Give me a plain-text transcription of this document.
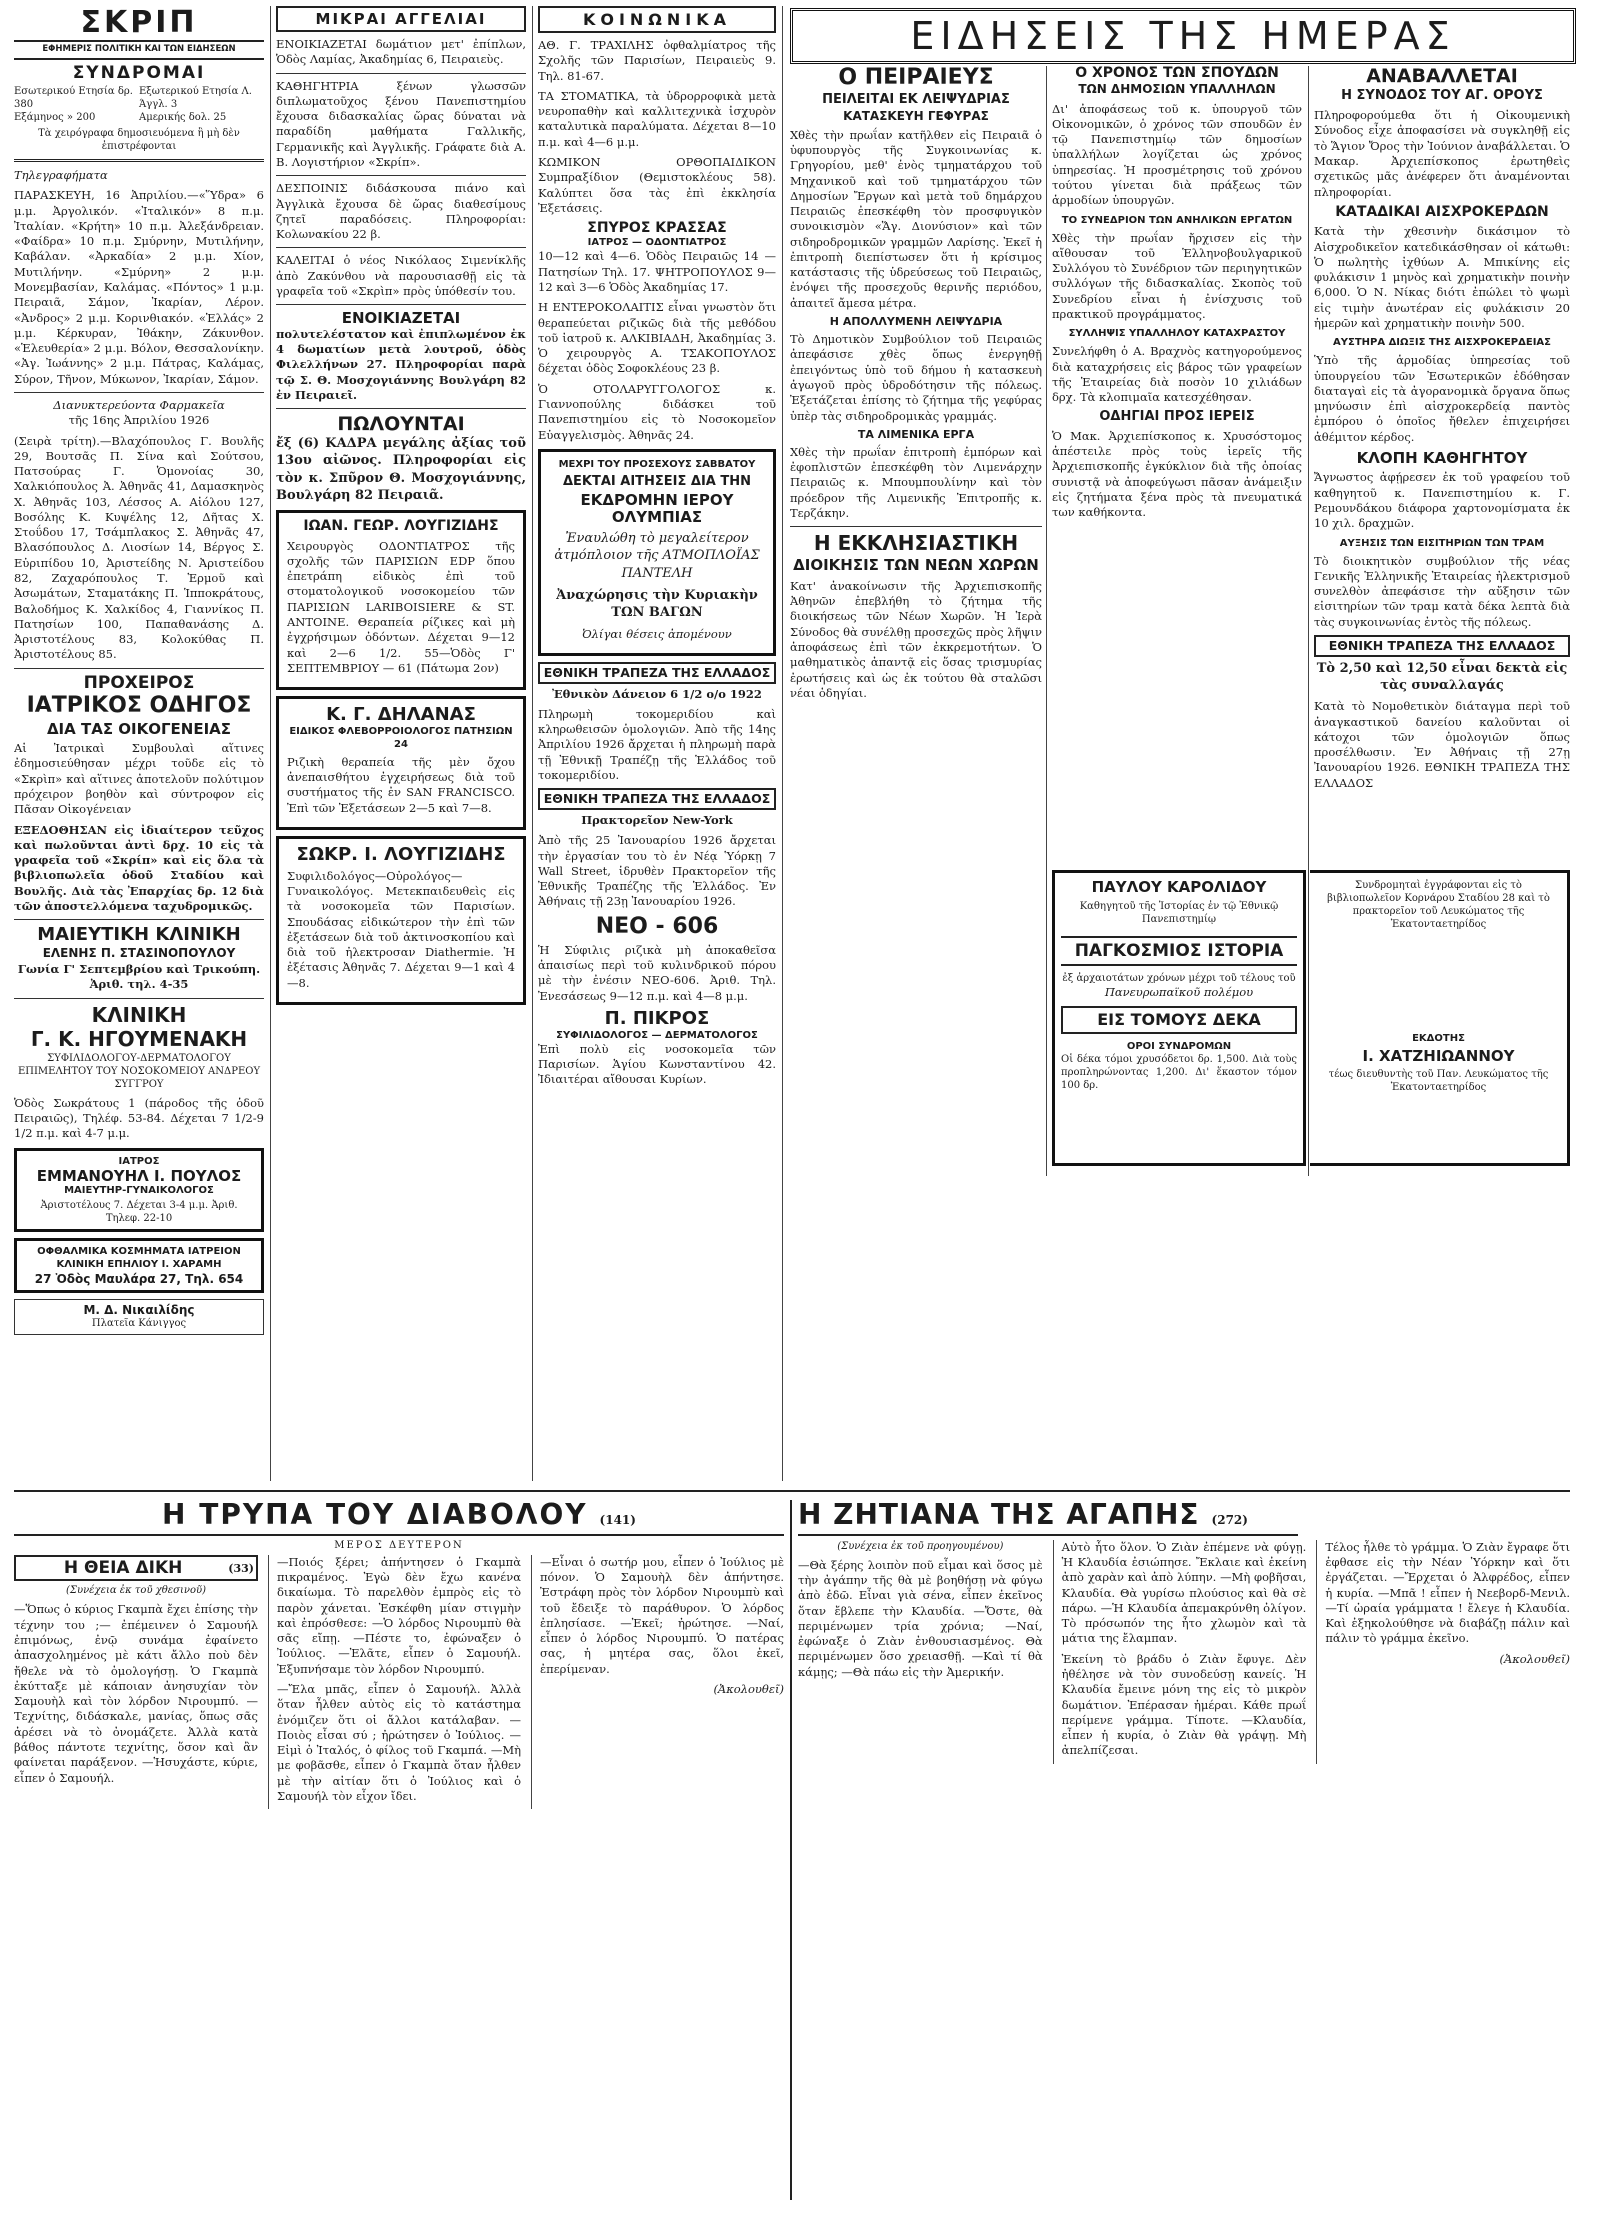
ΣΚΡΙΠ
ΕΦΗΜΕΡΙΣ ΠΟΛΙΤΙΚΗ ΚΑΙ ΤΩΝ ΕΙΔΗΣΕΩΝ
ΣΥΝΔΡΟΜΑΙ
Εσωτερικού Ετησία δρ. 380
Εξωτερικού Ετησία Λ. Άγγλ. 3
Εξάμηνος » 200	Αμερικής δολ. 25
Τὰ χειρόγραφα δημοσιευόμενα ἢ μὴ δὲν ἐπιστρέφονται
Τηλεγραφήματα
ΠΑΡΑΣΚΕΥΗ, 16 Ἀπριλίου.—«Ὕδρα» 6 μ.μ. Ἀργολικόν. «Ἰταλικόν» 8 π.μ. Ἰταλίαν. «Κρήτη» 10 π.μ. Ἀλεξάνδρειαν. «Φαίδρα» 10 π.μ. Σμύρνην, Μυτιλήνην, Καβάλαν. «Ἀρκαδία» 2 μ.μ. Χίον, Μυτιλήνην. «Σμύρνη» 2 μ.μ. Μονεμβασίαν, Καλάμας. «Πόντος» 1 μ.μ. Πειραιᾶ, Σάμον, Ἰκαρίαν, Λέρον. «Ἀνδρος» 2 μ.μ. Κορινθιακόν. «Ἑλλάς» 2 μ.μ. Κέρκυραν, Ἰθάκην, Ζάκυνθον. «Ἑλευθερία» 2 μ.μ. Βόλον, Θεσσαλονίκην. «Ἀγ. Ἰωάννης» 2 μ.μ. Πάτρας, Καλάμας, Σύρον, Τῆνον, Μύκωνον, Ἰκαρίαν, Σάμον.
Διανυκτερεύοντα Φαρμακεῖα
τῆς 16ης Ἀπριλίου 1926
(Σειρὰ τρίτη).—Βλαχόπουλος Γ. Βουλῆς 29, Βουτσᾶς Π. Σίνα καὶ Σούτσου, Πατσούρας Γ. Ὁμονοίας 30, Χαλκιόπουλος Ἀ. Ἀθηνᾶς 41, Δαμασκηνὸς Χ. Ἀθηνᾶς 103, Λέσσος Α. Αἰόλου 127, Βοσόλης Κ. Κυψέλης 12, Δῆτας Χ. Στοΰδου 17, Τσάμπλακος Σ. Ἀθηνᾶς 47, Βλασόπουλος Δ. Λιοσίων 14, Βέργος Σ. Εὐριπίδου 10, Ἀριστείδης Ν. Ἀριστείδου 82, Ζαχαρόπουλος Τ. Ἑρμοῦ καὶ Ἀσωμάτων, Σταματάκης Π. Ἱπποκράτους, Βαλοδήμος Κ. Χαλκίδος 4, Γιαννίκος Π. Πατησίων 100, Παπαθανάσης Δ. Ἀριστοτέλους 83, Κολοκύθας Π. Ἀριστοτέλους 85.
ΠΡΟΧΕΙΡΟΣ
ΙΑΤΡΙΚΟΣ ΟΔΗΓΟΣ
ΔΙΑ ΤΑΣ ΟΙΚΟΓΕΝΕΙΑΣ
Αἱ Ἰατρικαὶ Συμβουλαὶ αἵτινες ἐδημοσιεύθησαν μέχρι τοῦδε εἰς τὸ «Σκρὶπ» καὶ αἵτινες ἀποτελοῦν πολύτιμον πρόχειρον βοηθὸν καὶ σύντροφον εἰς Πᾶσαν Οἰκογένειαν
ΕΞΕΔΟΘΗΣΑΝ εἰς ἰδιαίτερον τεῦχος καὶ πωλοῦνται ἀντὶ δρχ. 10 εἰς τὰ γραφεῖα τοῦ «Σκρίπ» καὶ εἰς ὅλα τὰ βιβλιοπωλεῖα ὁδοῦ Σταδίου καὶ Βουλῆς. Διὰ τὰς Ἐπαρχίας δρ. 12 διὰ τῶν ἀποστελλόμενα ταχυδρομικῶς.
ΜΑΙΕΥΤΙΚΗ ΚΛΙΝΙΚΗ
ΕΛΕΝΗΣ Π. ΣΤΑΣΙΝΟΠΟΥΛΟΥ
Γωνία Γ' Σεπτεμβρίου καὶ Τρικούπη. Ἀριθ. τηλ. 4-35
ΚΛΙΝΙΚΗ
Γ. Κ. ΗΓΟΥΜΕΝΑΚΗ
ΣΥΦΙΛΙΔΟΛΟΓΟΥ-ΔΕΡΜΑΤΟΛΟΓΟΥ ΕΠΙΜΕΛΗΤΟΥ ΤΟΥ ΝΟΣΟΚΟΜΕΙΟΥ ΑΝΔΡΕΟΥ ΣΥΓΓΡΟΥ
Ὁδὸς Σωκράτους 1 (πάροδος τῆς ὁδοῦ Πειραιῶς), Τηλέφ. 53-84. Δέχεται 7 1/2-9 1/2 π.μ. καὶ 4-7 μ.μ.
ΙΑΤΡΟΣ
ΕΜΜΑΝΟΥΗΛ Ι. ΠΟΥΛΟΣ
ΜΑΙΕΥΤΗΡ-ΓΥΝΑΙΚΟΛΟΓΟΣ
Ἀριστοτέλους 7. Δέχεται 3-4 μ.μ. Ἀριθ. Τηλεφ. 22-10
ΟΦΘΑΛΜΙΚΑ ΚΟΣΜΗΜΑΤΑ ΙΑΤΡΕΙΟΝ ΚΛΙΝΙΚΗ ΕΠΗΛΙΟΥ Ι. ΧΑΡΑΜΗ
27 Ὁδὸς Μαυλάρα 27, Τηλ. 654
Μ. Δ. Νικαιλίδης
Πλατεῖα Κάνιγγος
ΜΙΚΡΑΙ ΑΓΓΕΛΙΑΙ
ΕΝΟΙΚΙΑΖΕΤΑΙ δωμάτιον μετ' ἐπίπλων, Ὁδὸς Λαμίας, Ἀκαδημίας 6, Πειραιεὺς.
ΚΑΘΗΓΗΤΡΙΑ ξένων γλωσσῶν διπλωματοῦχος ξένου Πανεπιστημίου ἔχουσα διδασκαλίας ὥρας δύναται νὰ παραδίδη μαθήματα Γαλλικῆς, Γερμανικῆς καὶ Ἀγγλικῆς. Γράφατε διὰ Α. Β. Λογιστήριον «Σκρίπ».
ΔΕΣΠΟΙΝΙΣ διδάσκουσα πιάνο καὶ Ἀγγλικὰ ἔχουσα δὲ ὥρας διαθεσίμους ζητεῖ παραδόσεις. Πληροφορίαι: Κολωνακίου 22 β.
ΚΑΛΕΙΤΑΙ ὁ νέος Νικόλαος Σιμενίκλῆς ἀπὸ Ζακύνθου νὰ παρουσιασθῇ εἰς τὰ γραφεῖα τοῦ «Σκρὶπ» πρὸς ὑπόθεσίν του.
ΕΝΟΙΚΙΑΖΕΤΑΙ
πολυτελέστατον καὶ ἐπιπλωμένον ἐκ 4 δωματίων μετὰ λουτροῦ, ὁδὸς Φιλελλήνων 27. Πληροφορίαι παρὰ τῷ Σ. Θ. Μοσχογιάννης Βουλγάρη 82 ἐν Πειραιεῖ.
ΠΩΛΟΥΝΤΑΙ
ἔξ (6) ΚΑΔΡΑ μεγάλης ἀξίας τοῦ 13ου αἰῶνος. Πληροφορίαι εἰς τὸν κ. Σπῦρον Θ. Μοσχογιάννης, Βουλγάρη 82 Πειραιᾶ.
ΙΩΑΝ. ΓΕΩΡ. ΛΟΥΓΙΖΙΔΗΣ
Χειρουργὸς ΟΔΟΝΤΙΑΤΡΟΣ τῆς σχολῆς τῶν ΠΑΡΙΣΙΩΝ EDP ὅπου ἐπετράπη εἰδικὸς ἐπὶ τοῦ στοματολογικοῦ νοσοκομείου τῶν ΠΑΡΙΣΙΩΝ LARIBOISIERE & ST. ANTOINE. Θεραπεία ρίζικες καὶ μὴ ἐγχρήσιμων ὀδόντων. Δέχεται 9—12 καὶ 2—6 1/2. 55—Ὁδὸς Γ' ΣΕΠΤΕΜΒΡΙΟΥ — 61 (Πάτωμα 2ον)
Κ. Γ. ΔΗΛΑΝΑΣ
ΕΙΔΙΚΟΣ ΦΛΕΒΟΡΡΟΙΟΛΟΓΟΣ ΠΑΤΗΣΙΩΝ 24
Ριζικὴ θεραπεία τῆς μὲν ὄχου ἀνεπαισθήτου ἐγχειρήσεως διὰ τοῦ συστήματος τῆς ἐν SAN FRANCISCO. Ἐπὶ τῶν Ἐξετάσεων 2—5 καὶ 7—8.
ΣΩΚΡ. Ι. ΛΟΥΓΙΖΙΔΗΣ
Συφιλιδολόγος—Οὐρολόγος—Γυναικολόγος. Μετεκπαιδευθεὶς εἰς τὰ νοσοκομεῖα τῶν Παρισίων. Σπουδάσας εἰδικώτερον τὴν ἐπὶ τῶν ἐξετάσεων διὰ τοῦ ἀκτινοσκοπίου καὶ διὰ τοῦ ἠλεκτροσαν Diathermie. Ἡ ἐξέτασις Ἀθηνᾶς 7. Δέχεται 9—1 καὶ 4—8.
ΚΟΙΝΩΝΙΚΑ
ΑΘ. Γ. ΤΡΑΧΙΛΗΣ ὀφθαλμίατρος τῆς Σχολῆς τῶν Παρισίων, Πειραιεὺς 9. Τηλ. 81-67.
ΤΑ ΣΤΟΜΑΤΙΚΑ, τὰ ὑδρορροφικὰ μετὰ νευροπαθὴν καὶ καλλιτεχνικὰ ἰσχυρὸν καταλυτικὰ παραλύματα. Δέχεται 8—10 π.μ. καὶ 4—6 μ.μ.
ΚΩΜΙΚΟΝ ΟΡΘΟΠΑΙΔΙΚΟΝ Συμπραξίδιον (Θεμιστοκλέους 58). Καλύπτει ὅσα τὰς ἐπὶ ἐκκλησία Ἐξετάσεις.
ΣΠΥΡΟΣ ΚΡΑΣΣΑΣ
ΙΑΤΡΟΣ — ΟΔΟΝΤΙΑΤΡΟΣ
10—12 καὶ 4—6. Ὁδὸς Πειραιῶς 14 — Πατησίων Τηλ. 17. ΨΗΤΡΟΠΟΥΛΟΣ 9—12 καὶ 3—6 Ὁδὸς Ἀκαδημίας 17.
Η ΕΝΤΕΡΟΚΟΛΑΙΤΙΣ εἶναι γνωστὸν ὅτι θεραπεύεται ριζικῶς διὰ τῆς μεθόδου τοῦ ἰατροῦ κ. ΑΛΚΙΒΙΑΔΗ, Ἀκαδημίας 3. Ὁ χειρουργὸς Α. ΤΣΑΚΟΠΟΥΛΟΣ δέχεται ὁδὸς Σοφοκλέους 23 β.
Ὁ ΟΤΟΛΑΡΥΓΓΟΛΟΓΟΣ κ. Γιαννοπούλης διδάσκει τοῦ Πανεπιστημίου εἰς τὸ Νοσοκομεῖον Εὐαγγελισμὸς. Ἀθηνᾶς 24.
ΜΕΧΡΙ ΤΟΥ ΠΡΟΣΕΧΟΥΣ ΣΑΒΒΑΤΟΥ
ΔΕΚΤΑΙ ΑΙΤΗΣΕΙΣ ΔΙΑ ΤΗΝ
ΕΚΔΡΟΜΗΝ ΙΕΡΟΥ ΟΛΥΜΠΙΑΣ
Ἐναυλώθη τὸ μεγαλείτερον ἀτμόπλοιον τῆς ΑΤΜΟΠΛΟΪΑΣ ΠΑΝΤΕΛΗ
Ἀναχώρησις τὴν Κυριακὴν ΤΩΝ ΒΑΓΩΝ
Ὀλίγαι θέσεις ἀπομένουν
ΕΘΝΙΚΗ ΤΡΑΠΕΖΑ ΤΗΣ ΕΛΛΑΔΟΣ
Ἐθνικὸν Δάνειον 6 1/2 ο/ο 1922
Πληρωμὴ τοκομεριδίου καὶ κληρωθεισῶν ὁμολογιῶν. Ἀπὸ τῆς 14ης Ἀπριλίου 1926 ἄρχεται ἡ πληρωμὴ παρὰ τῇ Ἐθνικῇ Τραπέζῃ τῆς Ἑλλάδος τοῦ τοκομεριδίου.
ΕΘΝΙΚΗ ΤΡΑΠΕΖΑ ΤΗΣ ΕΛΛΑΔΟΣ
Πρακτορεῖον New-York
Ἀπὸ τῆς 25 Ἰανουαρίου 1926 ἄρχεται τὴν ἐργασίαν του τὸ ἐν Νέᾳ Ὑόρκῃ 7 Wall Street, ἱδρυθὲν Πρακτορεῖον τῆς Ἐθνικῆς Τραπέζης τῆς Ἑλλάδος. Ἐν Ἀθήναις τῇ 23ῃ Ἰανουαρίου 1926.
ΝΕΟ - 606
Ἡ Σύφιλις ριζικὰ μὴ ἀποκαθεῖσα ἀπαισίως περὶ τοῦ κυλινδρικοῦ πόρου μὲ τὴν ἐνέσιν NEO-606. Ἀριθ. Τηλ. Ἐνεσάσεως 9—12 π.μ. καὶ 4—8 μ.μ.
Π. ΠΙΚΡΟΣ
ΣΥΦΙΛΙΔΟΛΟΓΟΣ — ΔΕΡΜΑΤΟΛΟΓΟΣ
Ἐπὶ πολὺ εἰς νοσοκομεῖα τῶν Παρισίων. Ἁγίου Κωνσταντίνου 42. Ἰδιαιτέραι αἴθουσαι Κυρίων.
ΕΙΔΗΣΕΙΣ ΤΗΣ ΗΜΕΡΑΣ
Ο ΠΕΙΡΑΙΕΥΣ
ΠΕΙΛΕΙΤΑΙ ΕΚ ΛΕΙΨΥΔΡΙΑΣ
ΚΑΤΑΣΚΕΥΗ ΓΕΦΥΡΑΣ
Χθὲς τὴν πρωΐαν κατῆλθεν εἰς Πειραιᾶ ὁ ὑφυπουργὸς τῆς Συγκοινωνίας κ. Γρηγορίου, μεθ' ἑνὸς τμηματάρχου τοῦ Μηχανικοῦ καὶ τοῦ τμηματάρχου τῶν Δημοσίων Ἔργων καὶ μετὰ τοῦ δημάρχου Πειραιῶς ἐπεσκέφθη τὸν προσφυγικὸν συνοικισμὸν «Ἅγ. Διονύσιον» καὶ τῶν σιδηροδρομικῶν γραμμῶν Λαρίσης. Ἐκεῖ ἡ ἐπιτροπὴ διεπίστωσεν ὅτι ἡ κρίσιμος κατάστασις τῆς ὑδρεύσεως τοῦ Πειραιῶς, ἐνόψει τῆς προσεχοῦς θερινῆς περιόδου, ἀπαιτεῖ ἄμεσα μέτρα.
Η ΑΠΟΛΛΥΜΕΝΗ ΛΕΙΨΥΔΡΙΑ
Τὸ Δημοτικὸν Συμβούλιον τοῦ Πειραιῶς ἀπεφάσισε χθὲς ὅπως ἐνεργηθῇ ἐπειγόντως ὑπὸ τοῦ δήμου ἡ κατασκευὴ ἀγωγοῦ πρὸς ὑδροδότησιν τῆς πόλεως. Ἐξετάζεται ἐπίσης τὸ ζήτημα τῆς γεφύρας ὑπὲρ τὰς σιδηροδρομικὰς γραμμάς.
ΤΑ ΛΙΜΕΝΙΚΑ ΕΡΓΑ
Χθὲς τὴν πρωΐαν ἐπιτροπὴ ἐμπόρων καὶ ἐφοπλιστῶν ἐπεσκέφθη τὸν Λιμενάρχην Πειραιῶς κ. Μπουμπουλίνην καὶ τὸν πρόεδρον τῆς Λιμενικῆς Ἐπιτροπῆς κ. Τερζάκην.
Η ΕΚΚΛΗΣΙΑΣΤΙΚΗ
ΔΙΟΙΚΗΣΙΣ ΤΩΝ ΝΕΩΝ ΧΩΡΩΝ
Κατ' ἀνακοίνωσιν τῆς Ἀρχιεπισκοπῆς Ἀθηνῶν ἐπεβλήθη τὸ ζήτημα τῆς διοικήσεως τῶν Νέων Χωρῶν. Ἡ Ἱερὰ Σύνοδος θὰ συνέλθῃ προσεχῶς πρὸς λῆψιν ἀποφάσεως ἐπὶ τῶν ἐκκρεμοτήτων. Ὁ μαθηματικὸς ἀπαντᾷ εἰς ὅσας τρισμυρίας ἐρωτήσεις καὶ ὡς ἐκ τούτου θὰ σταλῶσι νέαι ὁδηγίαι.
Ο ΧΡΟΝΟΣ ΤΩΝ ΣΠΟΥΔΩΝ
ΤΩΝ ΔΗΜΟΣΙΩΝ ΥΠΑΛΛΗΛΩΝ
Δι' ἀποφάσεως τοῦ κ. ὑπουργοῦ τῶν Οἰκονομικῶν, ὁ χρόνος τῶν σπουδῶν ἐν τῷ Πανεπιστημίῳ τῶν δημοσίων ὑπαλλήλων λογίζεται ὡς χρόνος ὑπηρεσίας. Ἡ προσμέτρησις τοῦ χρόνου τούτου γίνεται διὰ πράξεως τῶν ἁρμοδίων ὑπουργῶν.
ΤΟ ΣΥΝΕΔΡΙΟΝ ΤΩΝ ΑΝΗΛΙΚΩΝ ΕΡΓΑΤΩΝ
Χθὲς τὴν πρωΐαν ἤρχισεν εἰς τὴν αἴθουσαν τοῦ Ἑλληνοβουλγαρικοῦ Συλλόγου τὸ Συνέδριον τῶν περιηγητικῶν συλλόγων τῆς διδασκαλίας. Σκοπὸς τοῦ Συνεδρίου εἶναι ἡ ἐνίσχυσις τοῦ πρακτικοῦ προγράμματος.
ΣΥΛΛΗΨΙΣ ΥΠΑΛΛΗΛΟΥ ΚΑΤΑΧΡΑΣΤΟΥ
Συνελήφθη ὁ Α. Βραχνὸς κατηγορούμενος διὰ καταχρήσεις εἰς βάρος τῶν γραφείων τῆς Ἑταιρείας διὰ ποσὸν 10 χιλιάδων δρχ. Τὰ κλοπιμαῖα κατεσχέθησαν.
ΟΔΗΓΙΑΙ ΠΡΟΣ ΙΕΡΕΙΣ
Ὁ Μακ. Ἀρχιεπίσκοπος κ. Χρυσόστομος ἀπέστειλε πρὸς τοὺς ἱερεῖς τῆς Ἀρχιεπισκοπῆς ἐγκύκλιον διὰ τῆς ὁποίας συνιστᾷ νὰ ἀποφεύγωσι πᾶσαν ἀνάμειξιν εἰς ζητήματα ξένα πρὸς τὰ πνευματικά των καθήκοντα.
ΑΝΑΒΑΛΛΕΤΑΙ
Η ΣΥΝΟΔΟΣ ΤΟΥ ΑΓ. ΟΡΟΥΣ
Πληροφορούμεθα ὅτι ἡ Οἰκουμενικὴ Σύνοδος εἶχε ἀποφασίσει νὰ συγκληθῇ εἰς τὸ Ἅγιον Ὄρος τὴν Ἰούνιον ἀναβάλλεται. Ὁ Μακαρ. Ἀρχιεπίσκοπος ἐρωτηθεὶς σχετικῶς μᾶς ἀνέφερεν ὅτι ἀναμένονται πληροφορίαι.
ΚΑΤΑΔΙΚΑΙ ΑΙΣΧΡΟΚΕΡΔΩΝ
Κατὰ τὴν χθεσινὴν δικάσιμον τὸ Αἰσχροδικεῖον κατεδικάσθησαν οἱ κάτωθι: Ὁ πωλητὴς ἰχθύων Α. Μπικίνης εἰς φυλάκισιν 1 μηνὸς καὶ χρηματικὴν ποινὴν 6,000. Ὁ Ν. Νίκας διότι ἐπώλει τὸ ψωμὶ εἰς τιμὴν ἀνωτέραν εἰς φυλάκισιν 20 ἡμερῶν καὶ χρηματικὴν ποινὴν 500.
ΑΥΣΤΗΡΑ ΔΙΩΞΙΣ ΤΗΣ ΑΙΣΧΡΟΚΕΡΔΕΙΑΣ
Ὑπὸ τῆς ἁρμοδίας ὑπηρεσίας τοῦ ὑπουργείου τῶν Ἐσωτερικῶν ἐδόθησαν διαταγαὶ εἰς τὰ ἀγορανομικὰ ὄργανα ὅπως μηνύωσιν ἐπὶ αἰσχροκερδείᾳ παντὸς ἐμπόρου ὁ ὁποῖος ἤθελεν ἐπιχειρήσει ἀθέμιτον κέρδος.
ΚΛΟΠΗ ΚΑΘΗΓΗΤΟΥ
Ἄγνωστος ἀφῄρεσεν ἐκ τοῦ γραφείου τοῦ καθηγητοῦ κ. Πανεπιστημίου κ. Γ. Ρεμουνδάκου διάφορα χαρτονομίσματα ἐκ 10 χιλ. δραχμῶν.
ΑΥΞΗΣΙΣ ΤΩΝ ΕΙΣΙΤΗΡΙΩΝ ΤΩΝ ΤΡΑΜ
Τὸ διοικητικὸν συμβούλιον τῆς νέας Γενικῆς Ἑλληνικῆς Ἑταιρείας ἠλεκτρισμοῦ συνελθὸν ἀπεφάσισε τὴν αὔξησιν τῶν εἰσιτηρίων τῶν τραμ κατὰ δέκα λεπτὰ διὰ τὰς συγκοινωνίας ἐντὸς τῆς πόλεως.
ΕΘΝΙΚΗ ΤΡΑΠΕΖΑ ΤΗΣ ΕΛΛΑΔΟΣ
Τὸ 2,50 καὶ 12,50 εἶναι δεκτὰ εἰς τὰς συναλλαγάς
Κατὰ τὸ Νομοθετικὸν διάταγμα περὶ τοῦ ἀναγκαστικοῦ δανείου καλοῦνται οἱ κάτοχοι τῶν ὁμολογιῶν ὅπως προσέλθωσιν. Ἐν Ἀθήναις τῇ 27ῃ Ἰανουαρίου 1926. ΕΘΝΙΚΗ ΤΡΑΠΕΖΑ ΤΗΣ ΕΛΛΑΔΟΣ
ΠΑΥΛΟΥ ΚΑΡΟΛΙΔΟΥ
Καθηγητοῦ τῆς Ἱστορίας ἐν τῷ Ἐθνικῷ Πανεπιστημίῳ
ΠΑΓΚΟΣΜΙΟΣ ΙΣΤΟΡΙΑ
ἐξ ἀρχαιοτάτων χρόνων μέχρι τοῦ τέλους τοῦ
Πανευρωπαϊκοῦ πολέμου
ΕΙΣ ΤΟΜΟΥΣ ΔΕΚΑ
ΟΡΟΙ ΣΥΝΔΡΟΜΩΝ
Οἱ δέκα τόμοι χρυσόδετοι δρ. 1,500. Διὰ τοὺς προπληρώνοντας 1,200. Δι' ἕκαστον τόμον 100 δρ.
Συνδρομηταὶ ἐγγράφονται εἰς τὸ βιβλιοπωλεῖον Κορνάρου Σταδίου 28 καὶ τὸ πρακτορεῖον τοῦ Λευκώματος τῆς Ἐκατονταετηρίδος
ΕΚΔΟΤΗΣ
Ι. ΧΑΤΖΗΙΩΑΝΝΟΥ
τέως διευθυντὴς τοῦ Παν. Λευκώματος τῆς Ἐκατονταετηρίδος
Η ΤΡΥΠΑ ΤΟΥ ΔΙΑΒΟΛΟΥ (141)
ΜΕΡΟΣ ΔΕΥΤΕΡΟΝ
Η ΘΕΙΑ ΔΙΚΗ	(33)
(Συνέχεια ἐκ τοῦ χθεσινοῦ)
—Ὅπως ὁ κύριος Γκαμπὰ ἔχει ἐπίσης τὴν τέχνην του ;— ἐπέμεινεν ὁ Σαμουήλ ἐπιμόνως, ἐνῷ συνάμα ἐφαίνετο ἀπασχολημένος μὲ κάτι ἄλλο ποὺ δὲν ἤθελε νὰ τὸ ὁμολογήσῃ. Ὁ Γκαμπὰ ἐκύτταξε μὲ κάποιαν ἀνησυχίαν τὸν Σαμουὴλ καὶ τὸν λόρδον Νιρουμπύ. —Τεχνίτης, διδάσκαλε, μανίας, ὅπως σᾶς ἀρέσει νὰ τὸ ὀνομάζετε. Ἀλλὰ κατὰ βάθος πάντοτε τεχνίτης, ὅσον καὶ ἂν φαίνεται παράξενον. —Ἡσυχάστε, κύριε, εἶπεν ὁ Σαμουήλ.
—Ποιός ξέρει; ἀπήντησεν ὁ Γκαμπὰ πικραμένος. Ἐγὼ δὲν ἔχω κανένα δικαίωμα. Τὸ παρελθὸν ἐμπρὸς εἰς τὸ παρὸν χάνεται. Ἐσκέφθη μίαν στιγμὴν καὶ ἐπρόσθεσε: —Ὁ λόρδος Νιρουμπὺ θὰ σᾶς εἴπῃ. —Πέστε το, ἐφώναξεν ὁ Ἰούλιος. —Ἐλᾶτε, εἶπεν ὁ Σαμουήλ. Ἐξυπνήσαμε τὸν λόρδον Νιρουμπύ.
—Ἔλα μπᾶς, εἶπεν ὁ Σαμουήλ. Ἀλλὰ ὅταν ἦλθεν αὐτὸς εἰς τὸ κατάστημα ἐνόμιζεν ὅτι οἱ ἄλλοι κατάλαβαν. —Ποιὸς εἶσαι σύ ; ἠρώτησεν ὁ Ἰούλιος. —Εἰμὶ ὁ Ἰταλός, ὁ φίλος τοῦ Γκαμπά. —Μὴ με φοβᾶσθε, εἶπεν ὁ Γκαμπὰ ὅταν ἦλθεν μὲ τὴν αἰτίαν ὅτι ὁ Ἰούλιος καὶ ὁ Σαμουήλ τὸν εἶχον ἴδει.
—Εἶναι ὁ σωτήρ μου, εἶπεν ὁ Ἰούλιος μὲ πόνον. Ὁ Σαμουὴλ δὲν ἀπήντησε. Ἐστράφη πρὸς τὸν λόρδον Νιρουμπὺ καὶ τοῦ ἔδειξε τὸ παράθυρον. Ὁ λόρδος ἐπλησίασε. —Ἐκεῖ; ἠρώτησε. —Ναί, εἶπεν ὁ λόρδος Νιρουμπύ. Ὁ πατέρας σας, ἡ μητέρα σας, ὅλοι ἐκεῖ, ἐπερίμεναν.
(Ἀκολουθεῖ)
Η ΖΗΤΙΑΝΑ ΤΗΣ ΑΓΑΠΗΣ (272)
(Συνέχεια ἐκ τοῦ προηγουμένου)
—Θὰ ξέρης λοιπὸν ποῦ εἶμαι καὶ ὅσος μὲ τὴν ἀγάπην τῆς θὰ μὲ βοηθήσῃ νὰ φύγω ἀπὸ ἐδῶ. Εἶναι γιὰ σένα, εἶπεν ἐκεῖνος ὅταν ἔβλεπε τὴν Κλαυδία. —Ὄστε, θὰ περιμένωμεν τρία χρόνια; —Ναί, ἐφώναξε ὁ Ζιὰν ἐνθουσιασμένος. Θὰ περιμένωμεν ὅσο χρειασθῇ. —Καὶ τί θὰ κάμῃς; —Θὰ πάω εἰς τὴν Ἀμερικήν.
Αὐτὸ ἦτο ὅλον. Ὁ Ζιὰν ἐπέμενε νὰ φύγῃ. Ἡ Κλαυδία ἐσιώπησε. Ἔκλαιε καὶ ἐκείνη ἀπὸ χαρὰν καὶ ἀπὸ λύπην. —Μὴ φοβῆσαι, Κλαυδία. Θὰ γυρίσω πλούσιος καὶ θὰ σὲ πάρω. —Ἡ Κλαυδία ἀπεμακρύνθη ὀλίγον. Τὸ πρόσωπόν της ἦτο χλωμὸν καὶ τὰ μάτια της ἔλαμπαν.
Ἐκείνη τὸ βράδυ ὁ Ζιὰν ἔφυγε. Δὲν ἠθέλησε νὰ τὸν συνοδεύσῃ κανείς. Ἡ Κλαυδία ἔμεινε μόνη της εἰς τὸ μικρὸν δωμάτιον. Ἐπέρασαν ἡμέραι. Κάθε πρωΐ περίμενε γράμμα. Τίποτε. —Κλαυδία, εἶπεν ἡ κυρία, ὁ Ζιὰν θὰ γράψῃ. Μὴ ἀπελπίζεσαι.
Τέλος ἦλθε τὸ γράμμα. Ὁ Ζιὰν ἔγραφε ὅτι ἐφθασε εἰς τὴν Νέαν Ὑόρκην καὶ ὅτι ἐργάζεται. —Ἔρχεται ὁ Ἀλφρέδος, εἶπεν ἡ κυρία. —Μπᾶ ! εἶπεν ἡ Νεεβορδ-Μενιλ. —Τί ὡραία γράμματα ! ἔλεγε ἡ Κλαυδία. Καὶ ἐξηκολούθησε νὰ διαβάζῃ πάλιν καὶ πάλιν τὸ γράμμα ἐκεῖνο.
(Ἀκολουθεῖ)
